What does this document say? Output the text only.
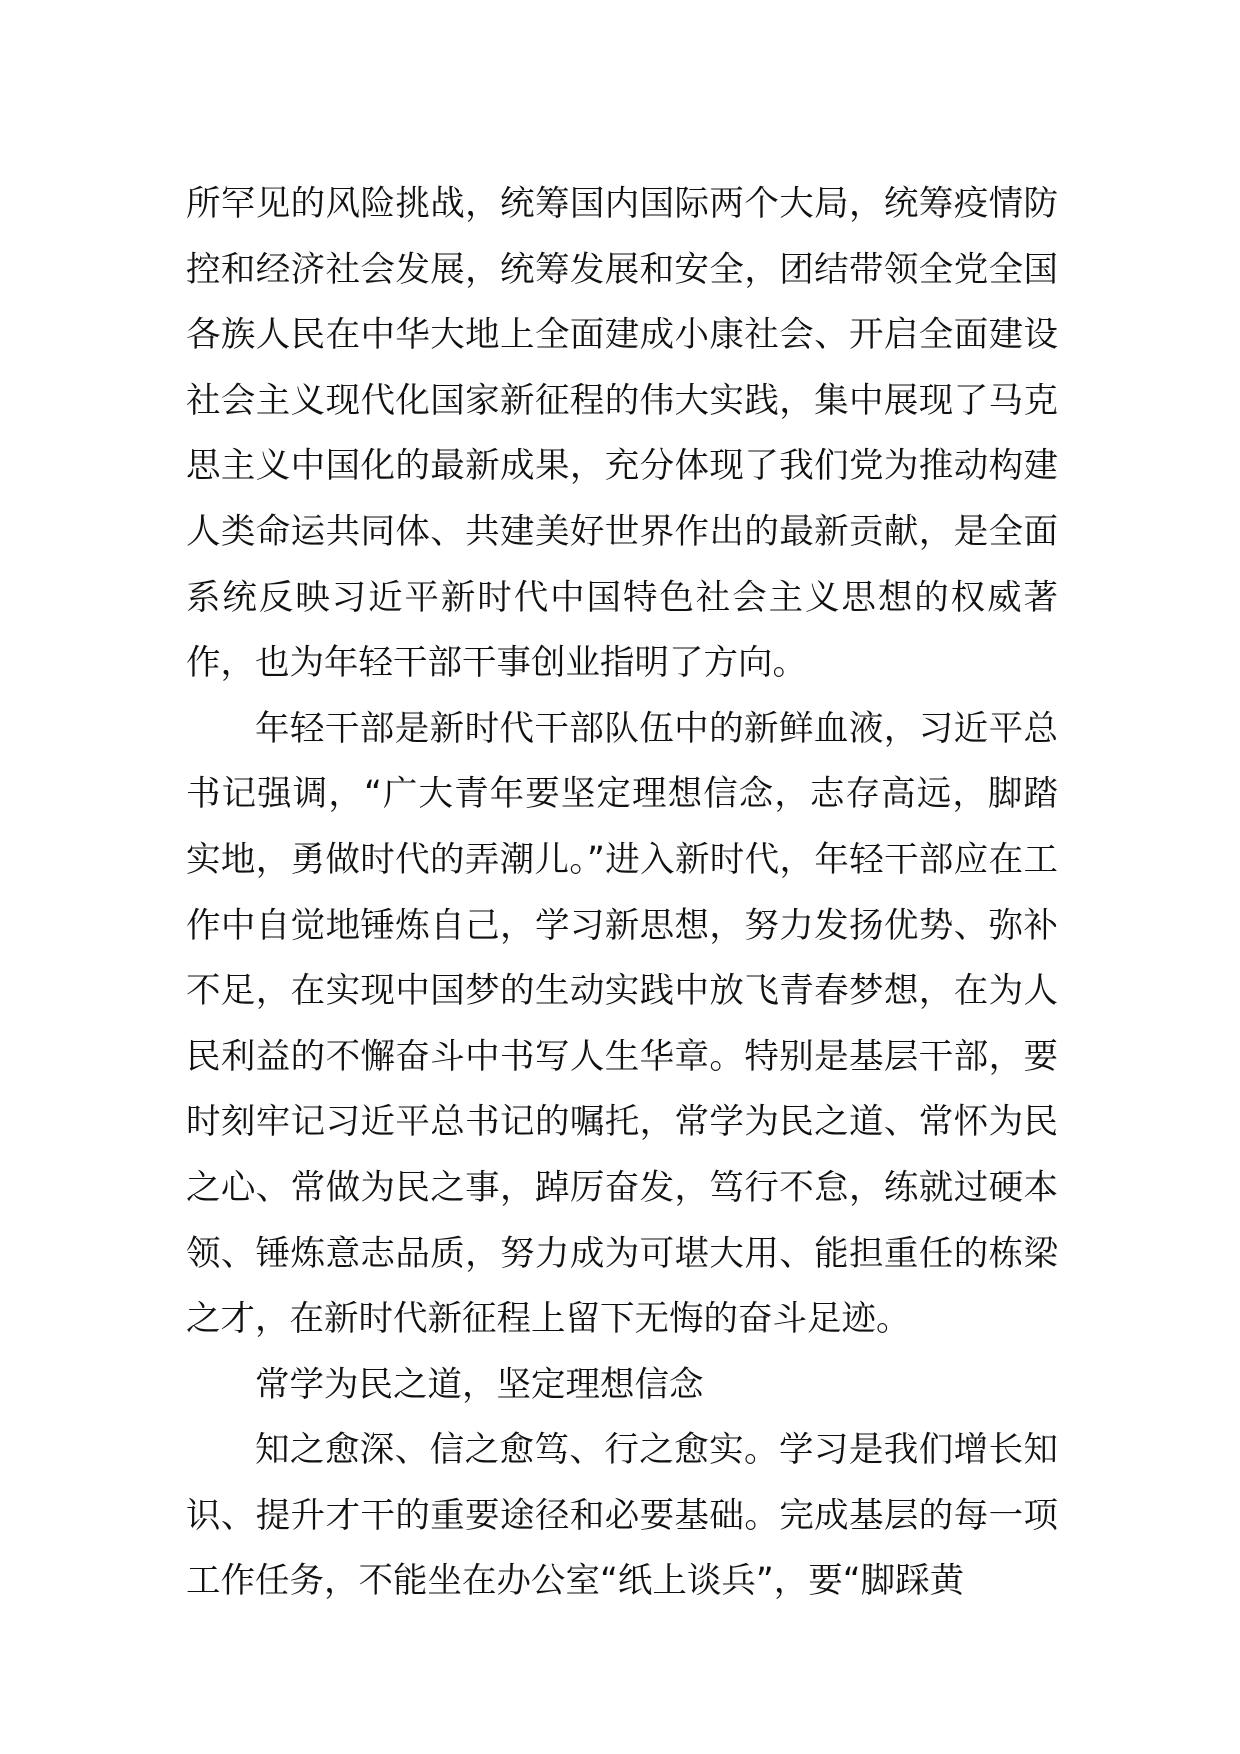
所罕见的风险挑战，统筹国内国际两个大局，统筹疫情防控和经济社会发展，统筹发展和安全，团结带领全党全国各族人民在中华大地上全面建成小康社会、开启全面建设社会主义现代化国家新征程的伟大实践，集中展现了马克思主义中国化的最新成果，充分体现了我们党为推动构建人类命运共同体、共建美好世界作出的最新贡献，是全面系统反映习近平新时代中国特色社会主义思想的权威著作，也为年轻干部干事创业指明了方向。

年轻干部是新时代干部队伍中的新鲜血液，习近平总书记强调，“广大青年要坚定理想信念，志存高远，脚踏实地，勇做时代的弄潮儿。”进入新时代，年轻干部应在工作中自觉地锤炼自己，学习新思想，努力发扬优势、弥补不足，在实现中国梦的生动实践中放飞青春梦想，在为人民利益的不懈奋斗中书写人生华章。特别是基层干部，要时刻牢记习近平总书记的嘱托，常学为民之道、常怀为民之心、常做为民之事，踔厉奋发，笃行不怠，练就过硬本领、锤炼意志品质，努力成为可堪大用、能担重任的栋梁之才，在新时代新征程上留下无悔的奋斗足迹。

常学为民之道，坚定理想信念

知之愈深、信之愈笃、行之愈实。学习是我们增长知识、提升才干的重要途径和必要基础。完成基层的每一项工作任务，不能坐在办公室“纸上谈兵”，要“脚踩黄
